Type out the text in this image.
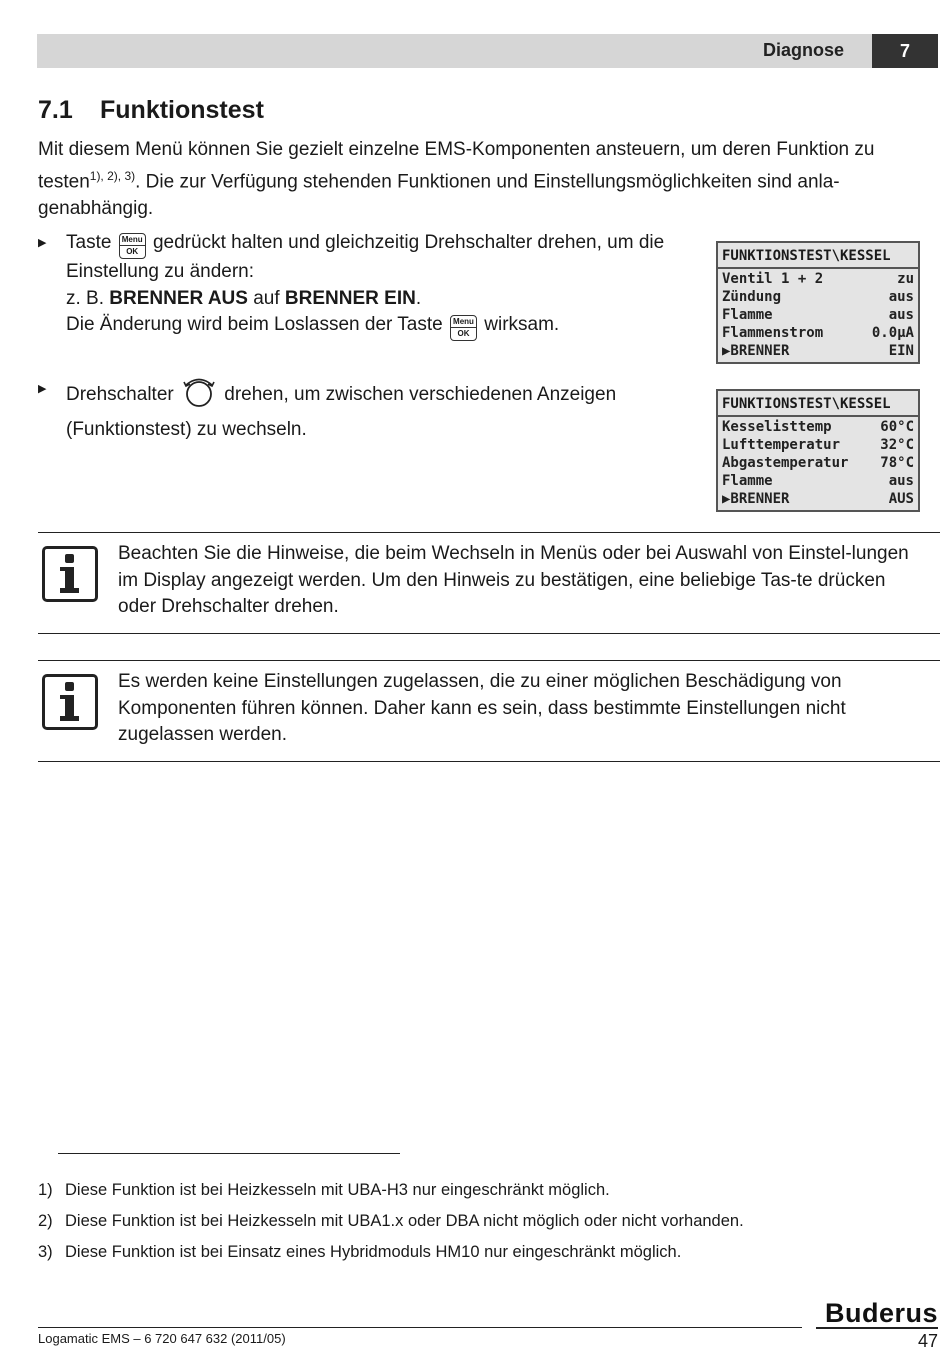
Diagnose	7
7.1 Funktionstest
Mit diesem Menü können Sie gezielt einzelne EMS-Komponenten ansteuern, um deren Funktion zu testen$^{1), 2), 3)}$. Die zur Verfügung stehenden Funktionen und Einstellungsmöglichkeiten sind anla-genabhängig.
▶ Taste Menu
OK gedrückt halten und gleichzeitig Drehschalter drehen, um die Einstellung zu ändern:
z. B. BRENNER AUS auf BRENNER EIN.
Die Änderung wird beim Loslassen der Taste Menu
OK wirksam.
▶ Drehschalter	drehen, um zwischen verschiedenen Anzeigen (Funktionstest) zu wechseln.
FUNKTIONSTEST\KESSEL
Ventil 1 + 2	zu
Zündung	aus
Flamme	aus
Flammenstrom	0.0µA
▶BRENNER	EIN
FUNKTIONSTEST\KESSEL
Kesselisttemp	60°C
Lufttemperatur	32°C
Abgastemperatur 78°C
Flamme	aus
▶BRENNER	AUS
Beachten Sie die Hinweise, die beim Wechseln in Menüs oder bei Auswahl von Einstel-lungen im Display angezeigt werden. Um den Hinweis zu bestätigen, eine beliebige Tas-te drücken oder Drehschalter drehen.
Es werden keine Einstellungen zugelassen, die zu einer möglichen Beschädigung von Komponenten führen können. Daher kann es sein, dass bestimmte Einstellungen nicht zugelassen werden.
1) Diese Funktion ist bei Heizkesseln mit UBA-H3 nur eingeschränkt möglich.
2) Diese Funktion ist bei Heizkesseln mit UBA1.x oder DBA nicht möglich oder nicht vorhanden.
3) Diese Funktion ist bei Einsatz eines Hybridmoduls HM10 nur eingeschränkt möglich.
Buderus
Logamatic EMS – 6 720 647 632 (2011/05)	47
